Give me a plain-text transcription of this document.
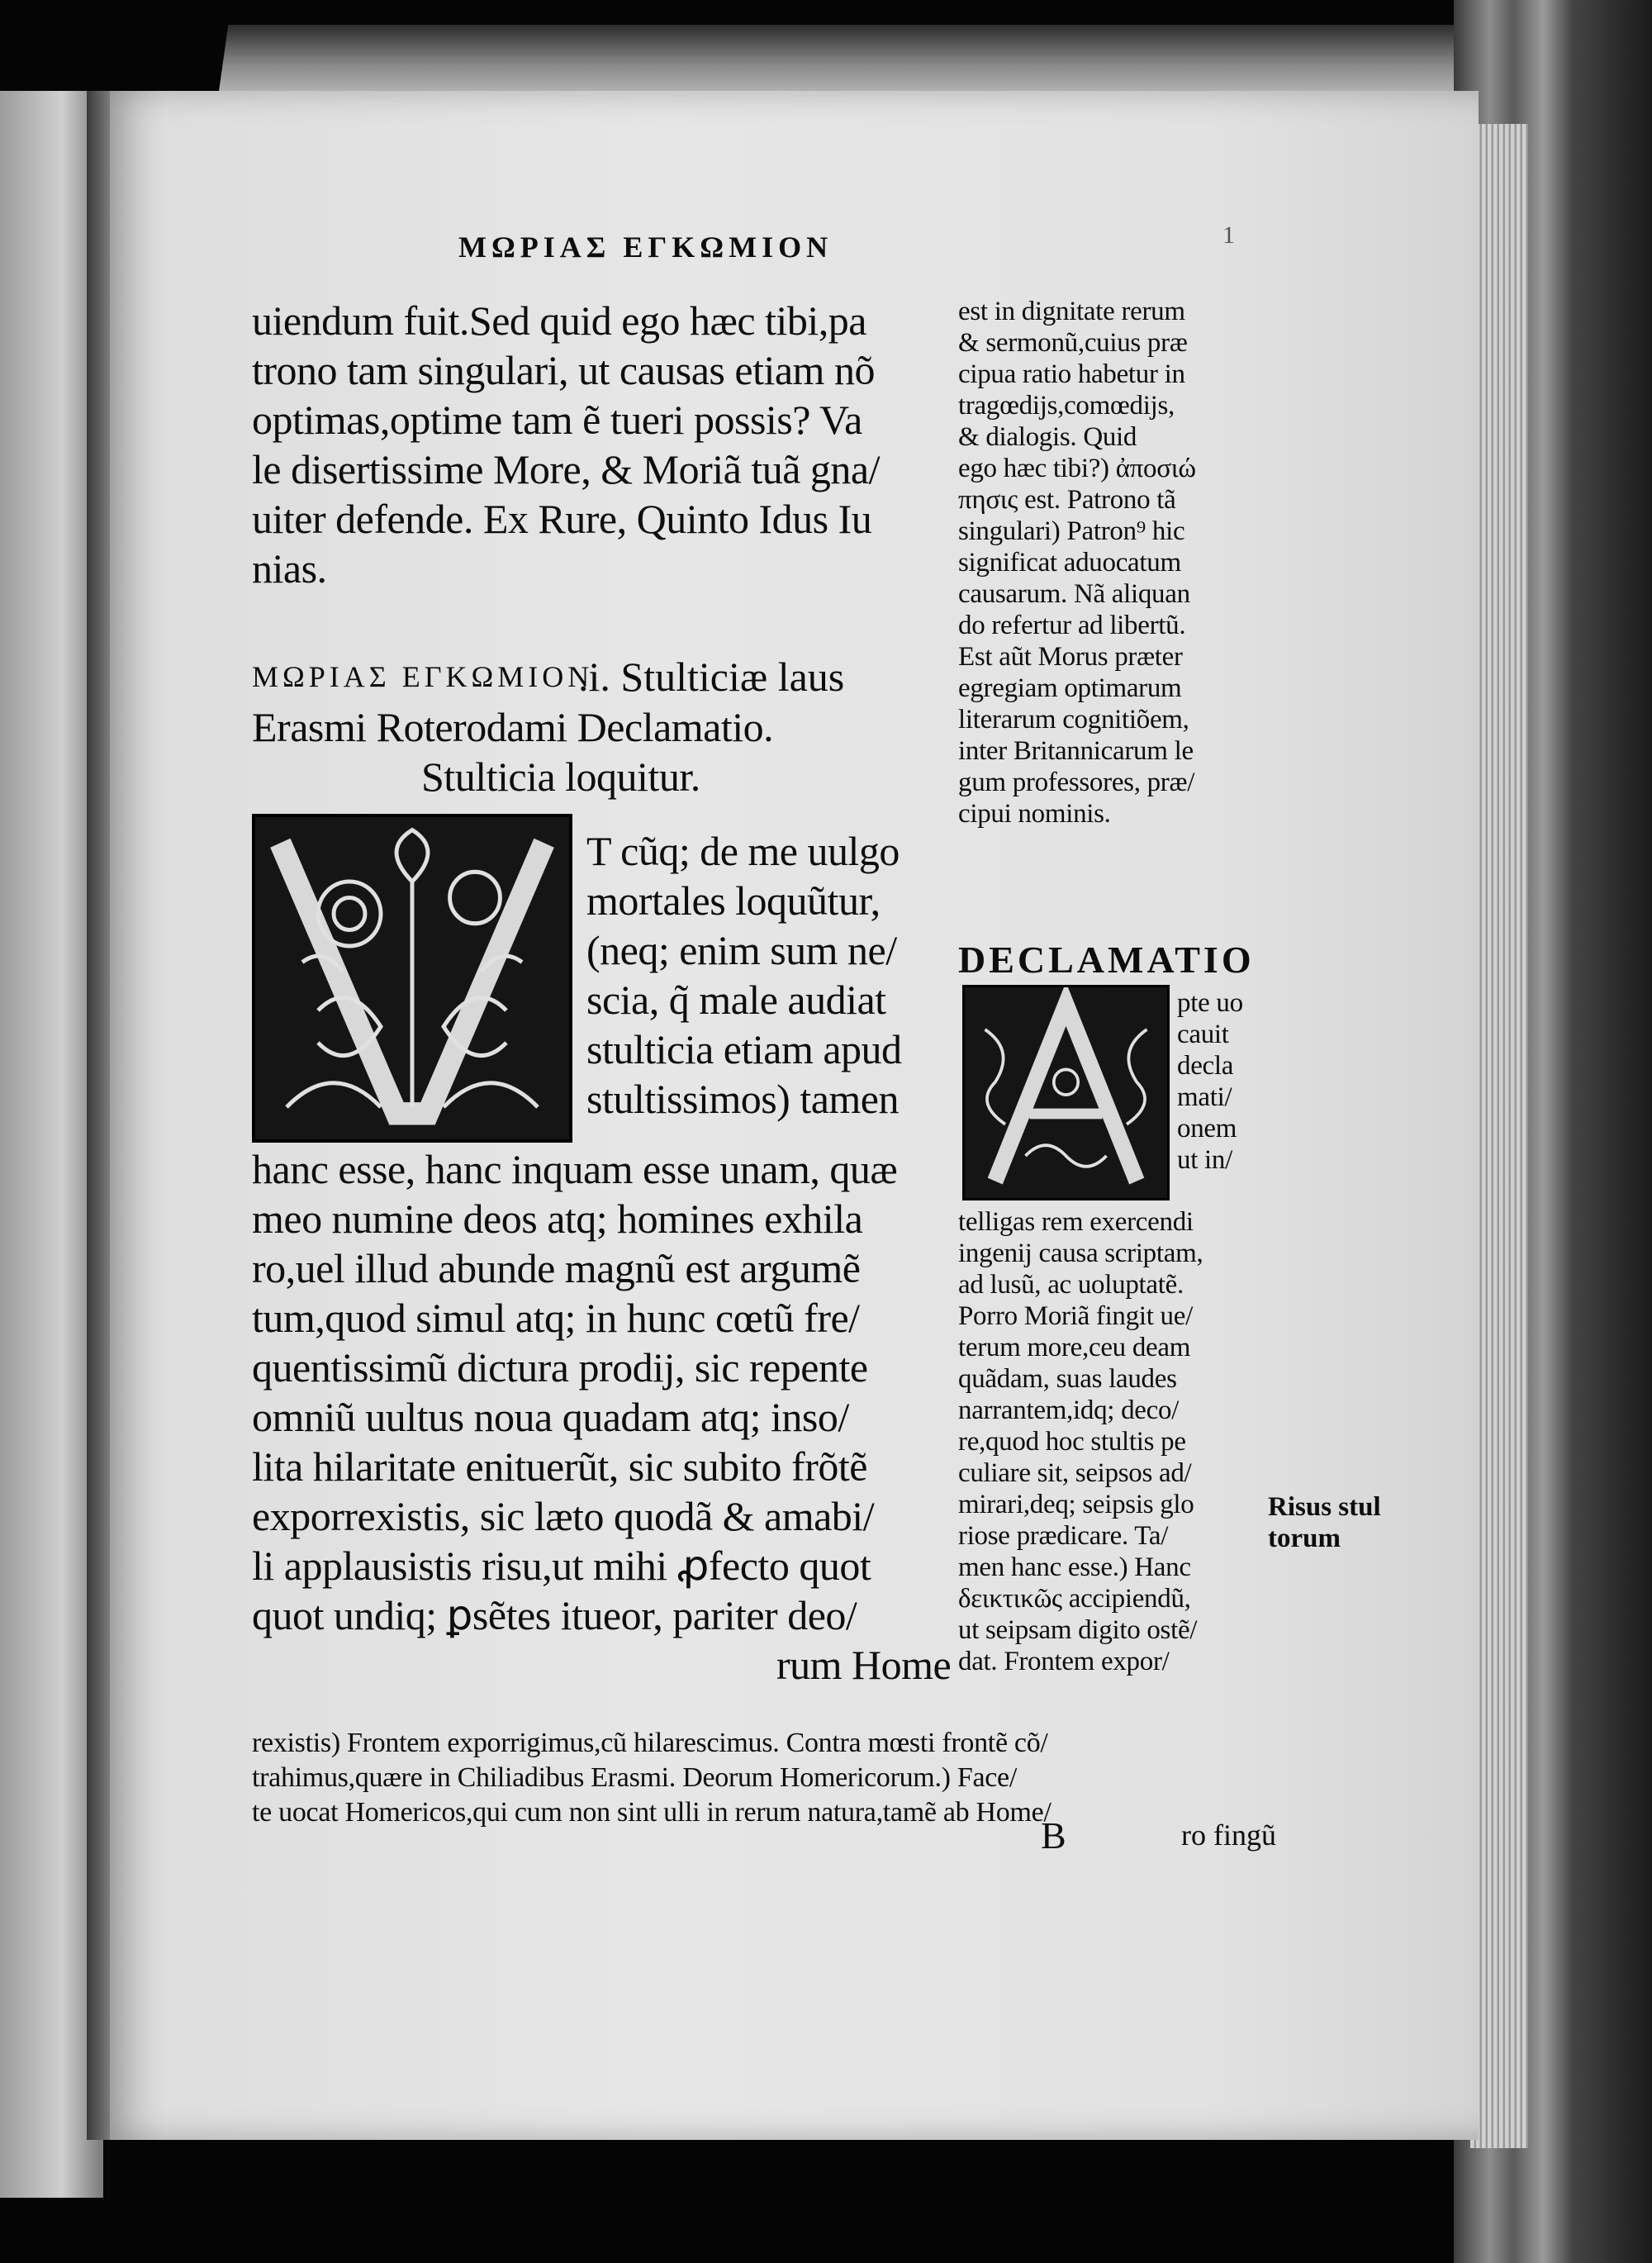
ΜΩΡΙΑΣ ΕΓΚΩΜΙΟΝ	1
uiendum fuit.Sed quid ego hæc tibi,pa
trono tam singulari, ut causas etiam nõ
optimas,optime tam ẽ tueri possis? Va
le disertissime More, & Moriã tuã gna/
uiter defende. Ex Rure, Quinto Idus Iu
nias.
ΜΩΡΙΑΣ ΕΓΚΩΜΙΟΝ
.i. Stulticiæ laus
Erasmi Roterodami Declamatio.
Stulticia loquitur.
T cũq; de me uulgo
mortales loquũtur,
(neq; enim sum ne/
scia, q̃ male audiat
stulticia etiam apud
stultissimos) tamen
hanc esse, hanc inquam esse unam, quæ
meo numine deos atq; homines exhila
ro,uel illud abunde magnũ est argumẽ
tum,quod simul atq; in hunc cœtũ fre/
quentissimũ dictura prodij, sic repente
omniũ uultus noua quadam atq; inso/
lita hilaritate enituerũt, sic subito frõtẽ
exporrexistis, sic læto quodã & amabi/
li applausistis risu,ut mihi ꝓfecto quot
quot undiq; ꝑsẽtes ituеor, pariter deo/
rum Home
est in dignitate rerum
& sermonũ,cuius præ
cipua ratio habetur in
tragœdijs,comœdijs,
& dialogis. Quid
ego hæc tibi?) ἀποσιώ
πησις est. Patrono tã
singulari) Patron⁹ hic
significat aduocatum
causarum. Nã aliquan
do refertur ad libertũ.
Est aũt Morus præter
egregiam optimarum
literarum cognitiõem,
inter Britannicarum le
gum professores, præ/
cipui nominis.
DECLAMATIO
pte uo
cauit
decla
mati/
onem
ut in/
telligas rem exercendi
ingenij causa scriptam,
ad lusũ, ac uoluptatẽ.
Porro Moriã fingit ue/
terum more,ceu deam
quãdam, suas laudes
narrantem,idq; deco/
re,quod hoc stultis pe
culiare sit, seipsos ad/
mirari,deq; seipsis glo
riose prædicare. Ta/
men hanc esse.) Hanc
δεικτικῶς accipiendũ,
ut seipsam digito ostẽ/
dat. Frontem expor/
Risus stul
torum
rexistis) Frontem exporrigimus,cũ hilarescimus. Contra mœsti frontẽ cõ/
trahimus,quære in Chiliadibus Erasmi. Deorum Homericorum.) Face/
te uocat Homericos,qui cum non sint ulli in rerum natura,tamẽ ab Home/
B	ro fingũ
